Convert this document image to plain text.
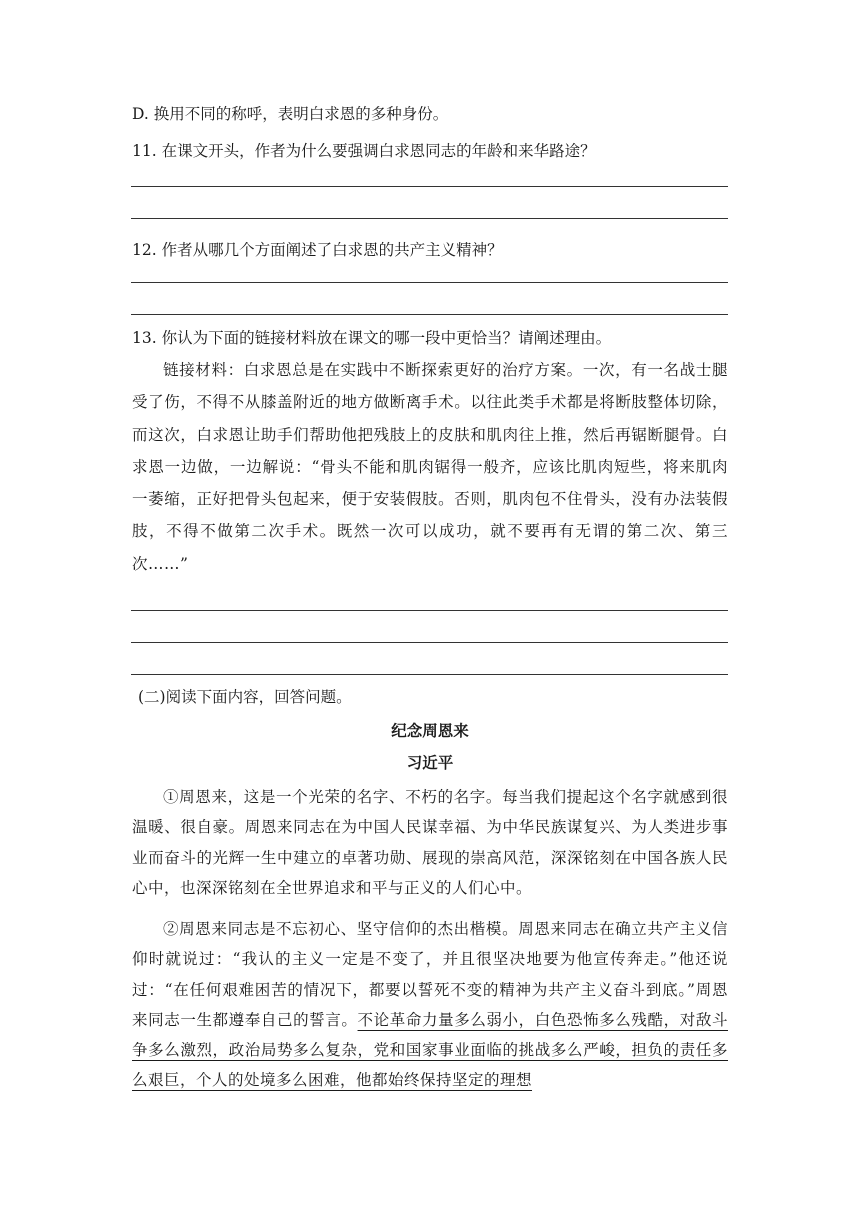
D. 换用不同的称呼，表明白求恩的多种身份。
11. 在课文开头，作者为什么要强调白求恩同志的年龄和来华路途？
12. 作者从哪几个方面阐述了白求恩的共产主义精神？
13. 你认为下面的链接材料放在课文的哪一段中更恰当？请阐述理由。
链接材料：白求恩总是在实践中不断探索更好的治疗方案。一次，有一名战士腿受了伤，不得不从膝盖附近的地方做断离手术。以往此类手术都是将断肢整体切除，而这次，白求恩让助手们帮助他把残肢上的皮肤和肌肉往上推，然后再锯断腿骨。白求恩一边做，一边解说：“骨头不能和肌肉锯得一般齐，应该比肌肉短些，将来肌肉一萎缩，正好把骨头包起来，便于安装假肢。否则，肌肉包不住骨头，没有办法装假肢，不得不做第二次手术。既然一次可以成功，就不要再有无谓的第二次、第三次……”
(二)阅读下面内容，回答问题。
纪念周恩来
习近平
①周恩来，这是一个光荣的名字、不朽的名字。每当我们提起这个名字就感到很温暖、很自豪。周恩来同志在为中国人民谋幸福、为中华民族谋复兴、为人类进步事业而奋斗的光辉一生中建立的卓著功勋、展现的崇高风范，深深铭刻在中国各族人民心中，也深深铭刻在全世界追求和平与正义的人们心中。
②周恩来同志是不忘初心、坚守信仰的杰出楷模。周恩来同志在确立共产主义信仰时就说过：“我认的主义一定是不变了，并且很坚决地要为他宣传奔走。”他还说过：“在任何艰难困苦的情况下，都要以誓死不变的精神为共产主义奋斗到底。”周恩来同志一生都遵奉自己的誓言。不论革命力量多么弱小，白色恐怖多么残酷，对敌斗争多么激烈，政治局势多么复杂，党和国家事业面临的挑战多么严峻，担负的责任多么艰巨，个人的处境多么困难，他都始终保持坚定的理想
